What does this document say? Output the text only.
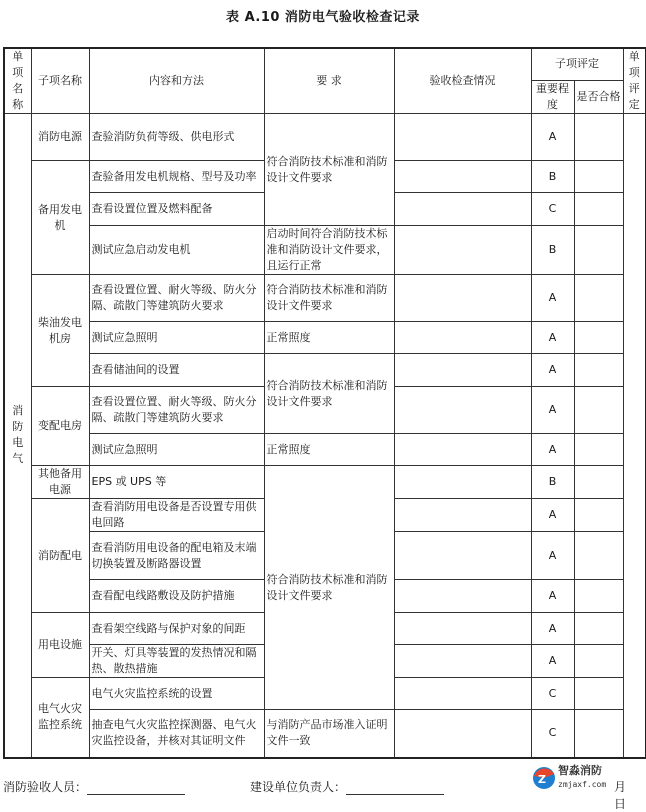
表 A.10 消防电气验收检查记录
单项名称	子项名称	内容和方法	要 求	验收检查情况	子项评定		单项评定
					重要程度	是否合格	
消防电气	消防电源	查验消防负荷等级、供电形式	符合消防技术标准和消防设计文件要求		A		
	备用发电机	查验备用发电机规格、型号及功率			B		
		查看设置位置及燃料配备			C		
		测试应急启动发电机	启动时间符合消防技术标准和消防设计文件要求，且运行正常		B		
	柴油发电机房	查看设置位置、耐火等级、防火分隔、疏散门等建筑防火要求	符合消防技术标准和消防设计文件要求		A		
		测试应急照明	正常照度		A		
		查看储油间的设置	符合消防技术标准和消防设计文件要求		A		
	变配电房	查看设置位置、耐火等级、防火分隔、疏散门等建筑防火要求			A		
		测试应急照明	正常照度		A		
	其他备用电源	EPS 或 UPS 等	符合消防技术标准和消防设计文件要求		B		
	消防配电	查看消防用电设备是否设置专用供电回路			A		
		查看消防用电设备的配电箱及末端切换装置及断路器设置			A		
		查看配电线路敷设及防护措施			A		
	用电设施	查看架空线路与保护对象的间距			A		
		开关、灯具等装置的发热情况和隔热、散热措施			A		
	电气火灾监控系统	电气火灾监控系统的设置			C		
		抽查电气火灾监控探测器、电气火灾监控设备，并核对其证明文件	与消防产品市场准入证明文件一致		C		
消防验收人员：	建设单位负责人：	月　日
Z
智淼消防
zmjaxf.com
